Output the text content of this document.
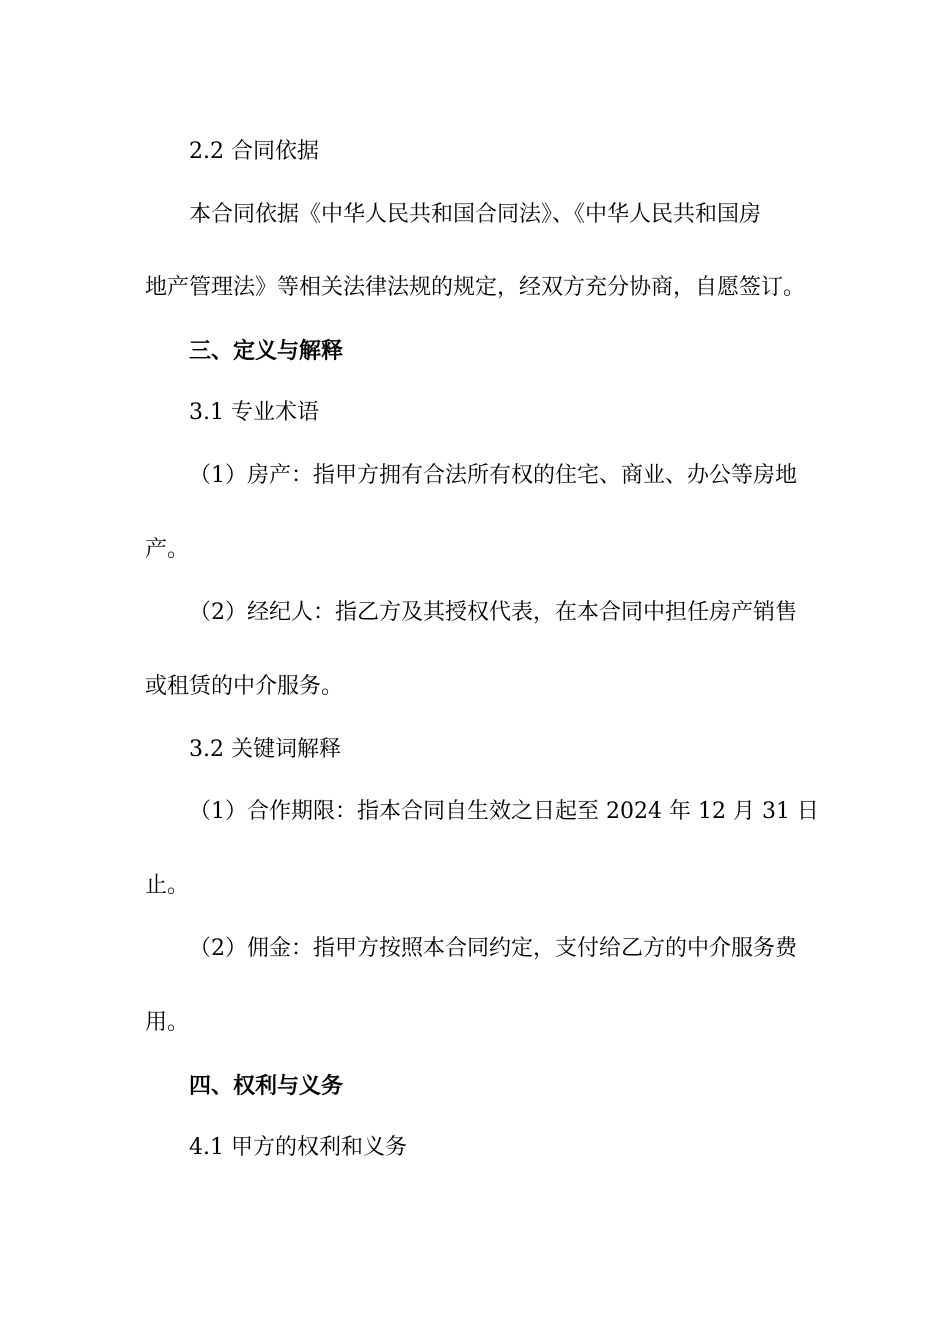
2.2 合同依据
本合同依据《中华人民共和国合同法》、《中华人民共和国房
地产管理法》等相关法律法规的规定，经双方充分协商，自愿签订。
三、定义与解释
3.1 专业术语
（1）房产：指甲方拥有合法所有权的住宅、商业、办公等房地
产。
（2）经纪人：指乙方及其授权代表，在本合同中担任房产销售
或租赁的中介服务。
3.2 关键词解释
（1）合作期限：指本合同自生效之日起至 2024 年 12 月 31 日
止。
（2）佣金：指甲方按照本合同约定，支付给乙方的中介服务费
用。
四、权利与义务
4.1 甲方的权利和义务
